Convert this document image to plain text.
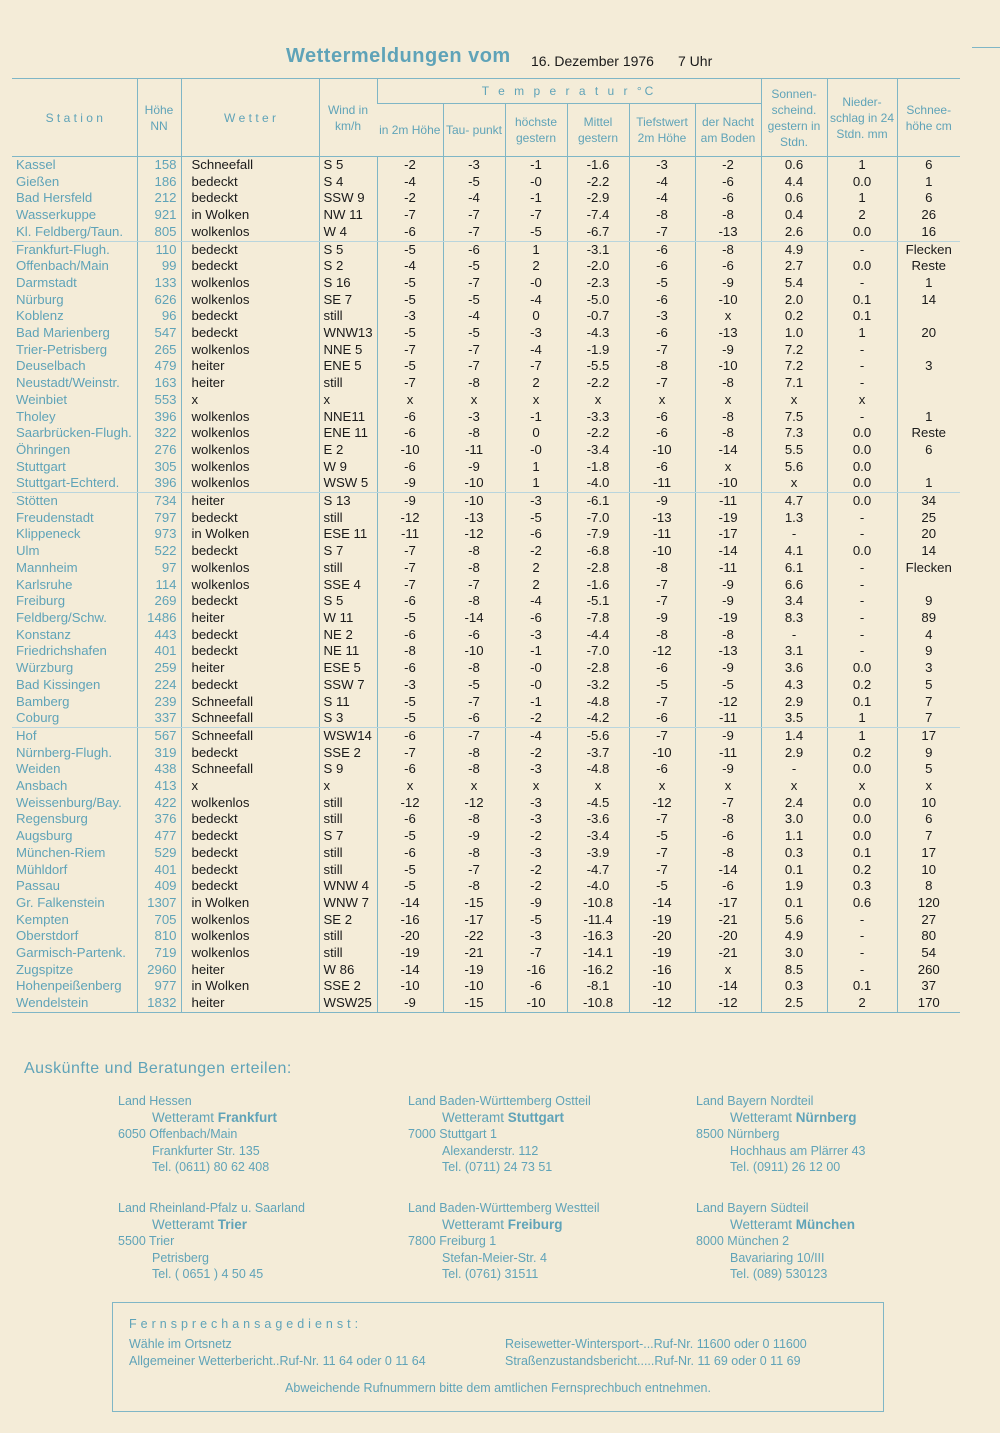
Wettermeldungen vom 16. Dezember 1976 7 Uhr
S t a t i o n	Höhe NN	W e t t e r	Wind in km/h	T e m p e r a t u r °C						Sonnen- scheind. gestern in Stdn.	Nieder- schlag in 24 Stdn. mm	Schnee- höhe cm
				in 2m Höhe	Tau- punkt	höchste gestern	Mittel gestern	Tiefstwert 2m Höhe	der Nacht am Boden			
Kassel	158	Schneefall	S 5	-2	-3	-1	-1.6	-3	-2	0.6	1	6
Gießen	186	bedeckt	S 4	-4	-5	-0	-2.2	-4	-6	4.4	0.0	1
Bad Hersfeld	212	bedeckt	SSW 9	-2	-4	-1	-2.9	-4	-6	0.6	1	6
Wasserkuppe	921	in Wolken	NW 11	-7	-7	-7	-7.4	-8	-8	0.4	2	26
Kl. Feldberg/Taun.	805	wolkenlos	W 4	-6	-7	-5	-6.7	-7	-13	2.6	0.0	16
Frankfurt-Flugh.	110	bedeckt	S 5	-5	-6	1	-3.1	-6	-8	4.9	-	Flecken
Offenbach/Main	99	bedeckt	S 2	-4	-5	2	-2.0	-6	-6	2.7	0.0	Reste
Darmstadt	133	wolkenlos	S 16	-5	-7	-0	-2.3	-5	-9	5.4	-	1
Nürburg	626	wolkenlos	SE 7	-5	-5	-4	-5.0	-6	-10	2.0	0.1	14
Koblenz	96	bedeckt	still	-3	-4	0	-0.7	-3	x	0.2	0.1	
Bad Marienberg	547	bedeckt	WNW13	-5	-5	-3	-4.3	-6	-13	1.0	1	20
Trier-Petrisberg	265	wolkenlos	NNE 5	-7	-7	-4	-1.9	-7	-9	7.2	-	
Deuselbach	479	heiter	ENE 5	-5	-7	-7	-5.5	-8	-10	7.2	-	3
Neustadt/Weinstr.	163	heiter	still	-7	-8	2	-2.2	-7	-8	7.1	-	
Weinbiet	553	x	x	x	x	x	x	x	x	x	x	
Tholey	396	wolkenlos	NNE11	-6	-3	-1	-3.3	-6	-8	7.5	-	1
Saarbrücken-Flugh.	322	wolkenlos	ENE 11	-6	-8	0	-2.2	-6	-8	7.3	0.0	Reste
Öhringen	276	wolkenlos	E 2	-10	-11	-0	-3.4	-10	-14	5.5	0.0	6
Stuttgart	305	wolkenlos	W 9	-6	-9	1	-1.8	-6	x	5.6	0.0	
Stuttgart-Echterd.	396	wolkenlos	WSW 5	-9	-10	1	-4.0	-11	-10	x	0.0	1
Stötten	734	heiter	S 13	-9	-10	-3	-6.1	-9	-11	4.7	0.0	34
Freudenstadt	797	bedeckt	still	-12	-13	-5	-7.0	-13	-19	1.3	-	25
Klippeneck	973	in Wolken	ESE 11	-11	-12	-6	-7.9	-11	-17	-	-	20
Ulm	522	bedeckt	S 7	-7	-8	-2	-6.8	-10	-14	4.1	0.0	14
Mannheim	97	wolkenlos	still	-7	-8	2	-2.8	-8	-11	6.1	-	Flecken
Karlsruhe	114	wolkenlos	SSE 4	-7	-7	2	-1.6	-7	-9	6.6	-	
Freiburg	269	bedeckt	S 5	-6	-8	-4	-5.1	-7	-9	3.4	-	9
Feldberg/Schw.	1486	heiter	W 11	-5	-14	-6	-7.8	-9	-19	8.3	-	89
Konstanz	443	bedeckt	NE 2	-6	-6	-3	-4.4	-8	-8	-	-	4
Friedrichshafen	401	bedeckt	NE 11	-8	-10	-1	-7.0	-12	-13	3.1	-	9
Würzburg	259	heiter	ESE 5	-6	-8	-0	-2.8	-6	-9	3.6	0.0	3
Bad Kissingen	224	bedeckt	SSW 7	-3	-5	-0	-3.2	-5	-5	4.3	0.2	5
Bamberg	239	Schneefall	S 11	-5	-7	-1	-4.8	-7	-12	2.9	0.1	7
Coburg	337	Schneefall	S 3	-5	-6	-2	-4.2	-6	-11	3.5	1	7
Hof	567	Schneefall	WSW14	-6	-7	-4	-5.6	-7	-9	1.4	1	17
Nürnberg-Flugh.	319	bedeckt	SSE 2	-7	-8	-2	-3.7	-10	-11	2.9	0.2	9
Weiden	438	Schneefall	S 9	-6	-8	-3	-4.8	-6	-9	-	0.0	5
Ansbach	413	x	x	x	x	x	x	x	x	x	x	x
Weissenburg/Bay.	422	wolkenlos	still	-12	-12	-3	-4.5	-12	-7	2.4	0.0	10
Regensburg	376	bedeckt	still	-6	-8	-3	-3.6	-7	-8	3.0	0.0	6
Augsburg	477	bedeckt	S 7	-5	-9	-2	-3.4	-5	-6	1.1	0.0	7
München-Riem	529	bedeckt	still	-6	-8	-3	-3.9	-7	-8	0.3	0.1	17
Mühldorf	401	bedeckt	still	-5	-7	-2	-4.7	-7	-14	0.1	0.2	10
Passau	409	bedeckt	WNW 4	-5	-8	-2	-4.0	-5	-6	1.9	0.3	8
Gr. Falkenstein	1307	in Wolken	WNW 7	-14	-15	-9	-10.8	-14	-17	0.1	0.6	120
Kempten	705	wolkenlos	SE 2	-16	-17	-5	-11.4	-19	-21	5.6	-	27
Oberstdorf	810	wolkenlos	still	-20	-22	-3	-16.3	-20	-20	4.9	-	80
Garmisch-Partenk.	719	wolkenlos	still	-19	-21	-7	-14.1	-19	-21	3.0	-	54
Zugspitze	2960	heiter	W 86	-14	-19	-16	-16.2	-16	x	8.5	-	260
Hohenpeißenberg	977	in Wolken	SSE 2	-10	-10	-6	-8.1	-10	-14	0.3	0.1	37
Wendelstein	1832	heiter	WSW25	-9	-15	-10	-10.8	-12	-12	2.5	2	170
Auskünfte und Beratungen erteilen:
Land Hessen
Wetteramt Frankfurt
6050 Offenbach/Main
Frankfurter Str. 135
Tel. (0611) 80 62 408
Land Baden-Württemberg Ostteil
Wetteramt Stuttgart
7000 Stuttgart 1
Alexanderstr. 112
Tel. (0711) 24 73 51
Land Bayern Nordteil
Wetteramt Nürnberg
8500 Nürnberg
Hochhaus am Plärrer 43
Tel. (0911) 26 12 00
Land Rheinland-Pfalz u. Saarland
Wetteramt Trier
5500 Trier
Petrisberg
Tel. ( 0651 ) 4 50 45
Land Baden-Württemberg Westteil
Wetteramt Freiburg
7800 Freiburg 1
Stefan-Meier-Str. 4
Tel. (0761) 31511
Land Bayern Südteil
Wetteramt München
8000 München 2
Bavariaring 10/III
Tel. (089) 530123
Fernsprechansagedienst:
Wähle im Ortsnetz
Allgemeiner Wetterbericht..Ruf-Nr. 11 64 oder 0 11 64
Reisewetter-Wintersport-...Ruf-Nr. 11600 oder 0 11600
Straßenzustandsbericht.....Ruf-Nr. 11 69 oder 0 11 69
Abweichende Rufnummern bitte dem amtlichen Fernsprechbuch entnehmen.
